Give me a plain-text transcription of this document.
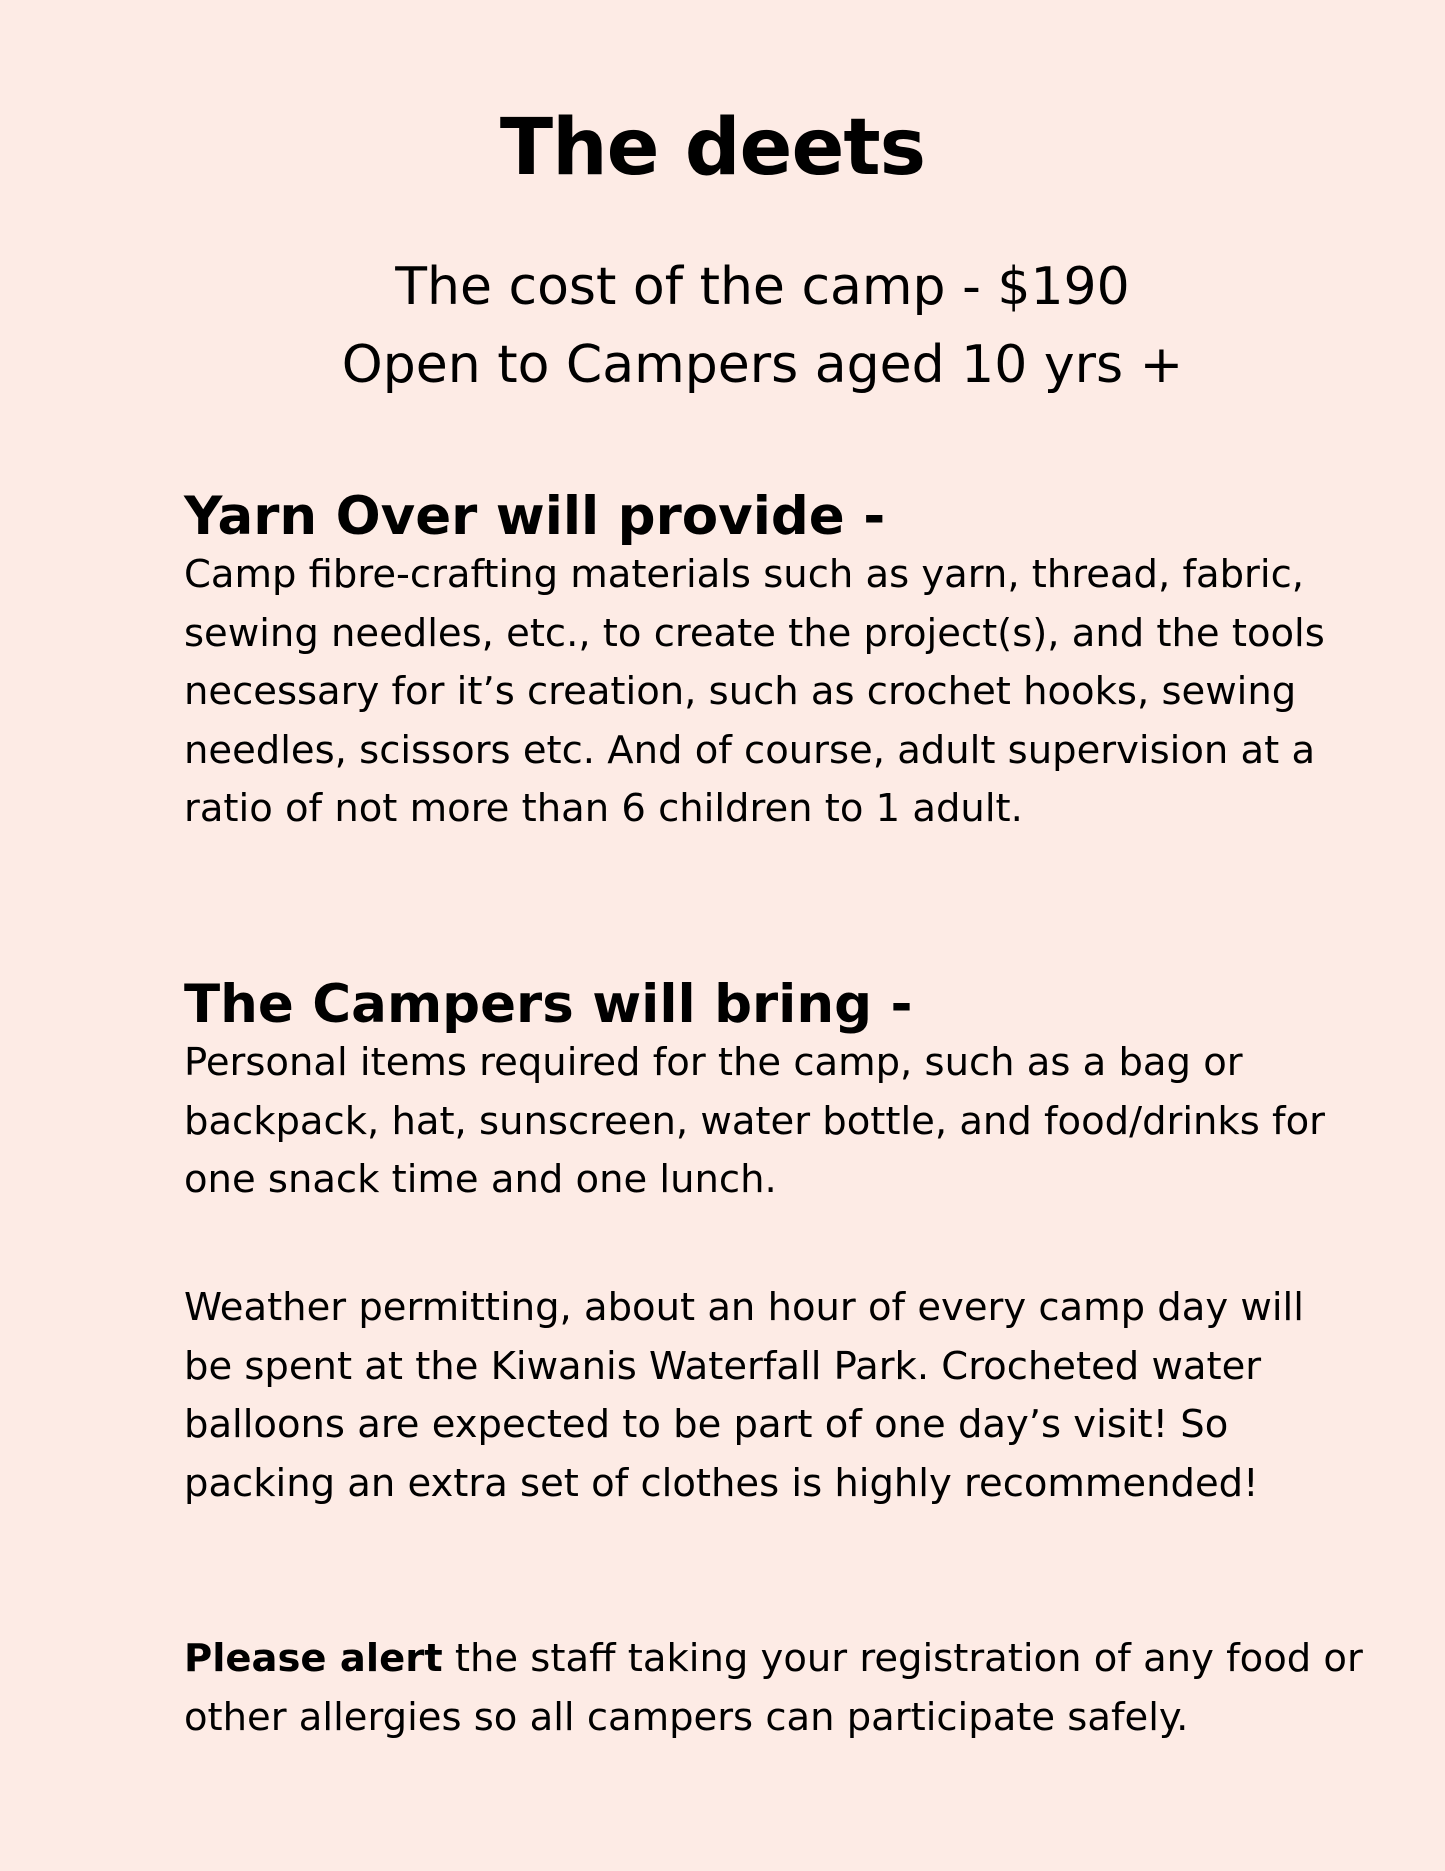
The deets
The cost of the camp - $190
Open to Campers aged 10 yrs +
Yarn Over will provide -

Camp fibre-crafting materials such as yarn, thread, fabric, sewing needles, etc., to create the project(s), and the tools necessary for it’s creation, such as crochet hooks, sewing needles, scissors etc. And of course, adult supervision at a ratio of not more than 6 children to 1 adult.

The Campers will bring -

Personal items required for the camp, such as a bag or backpack, hat, sunscreen, water bottle, and food/drinks for one snack time and one lunch.

Weather permitting, about an hour of every camp day will be spent at the Kiwanis Waterfall Park. Crocheted water balloons are expected to be part of one day’s visit! So packing an extra set of clothes is highly recommended!

Please alert the staff taking your registration of any food or other allergies so all campers can participate safely.
